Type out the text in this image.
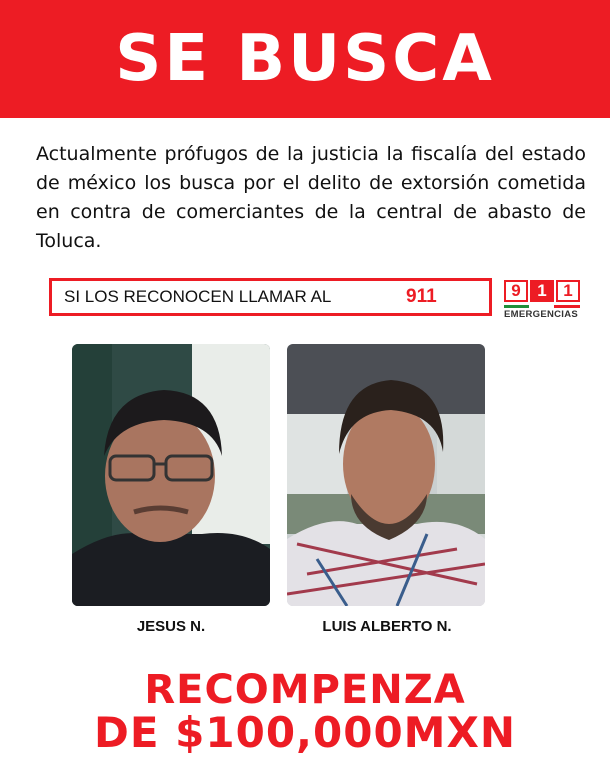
SE BUSCA

Actualmente prófugos de la justicia la fiscalía del estado de méxico los busca por el delito de extorsión cometida en contra de comerciantes de la central de abasto de Toluca.

SI LOS RECONOCEN LLAMAR AL	911	9 1 1
EMERGENCIAS
JESUS N.	LUIS ALBERTO N.
RECOMPENZA
DE $100,000MXN
